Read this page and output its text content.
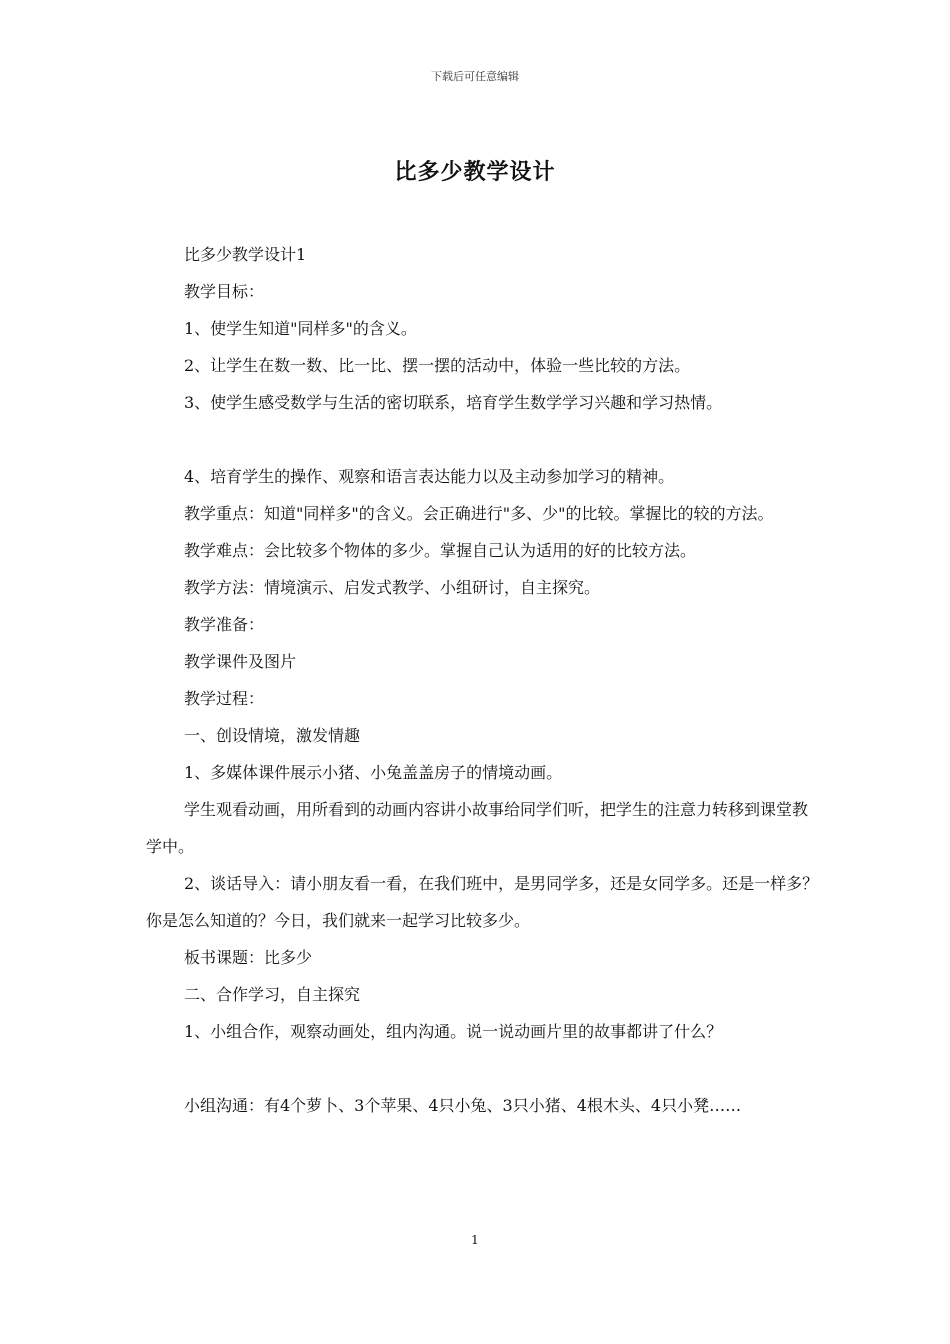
下载后可任意编辑
比多少教学设计

比多少教学设计1

教学目标：

1、使学生知道"同样多"的含义。

2、让学生在数一数、比一比、摆一摆的活动中，体验一些比较的方法。

3、使学生感受数学与生活的密切联系，培育学生数学学习兴趣和学习热情。

4、培育学生的操作、观察和语言表达能力以及主动参加学习的精神。

教学重点：知道"同样多"的含义。会正确进行"多、少"的比较。掌握比的较的方法。

教学难点：会比较多个物体的多少。掌握自己认为适用的好的比较方法。

教学方法：情境演示、启发式教学、小组研讨，自主探究。

教学准备：

教学课件及图片

教学过程：

一、创设情境，激发情趣

1、多媒体课件展示小猪、小兔盖盖房子的情境动画。

学生观看动画，用所看到的动画内容讲小故事给同学们听，把学生的注意力转移到课堂教学中。

2、谈话导入：请小朋友看一看，在我们班中，是男同学多，还是女同学多。还是一样多？你是怎么知道的？今日，我们就来一起学习比较多少。

板书课题：比多少

二、合作学习，自主探究

1、小组合作，观察动画处，组内沟通。说一说动画片里的故事都讲了什么？

小组沟通：有4个萝卜、3个苹果、4只小兔、3只小猪、4根木头、4只小凳……

1
